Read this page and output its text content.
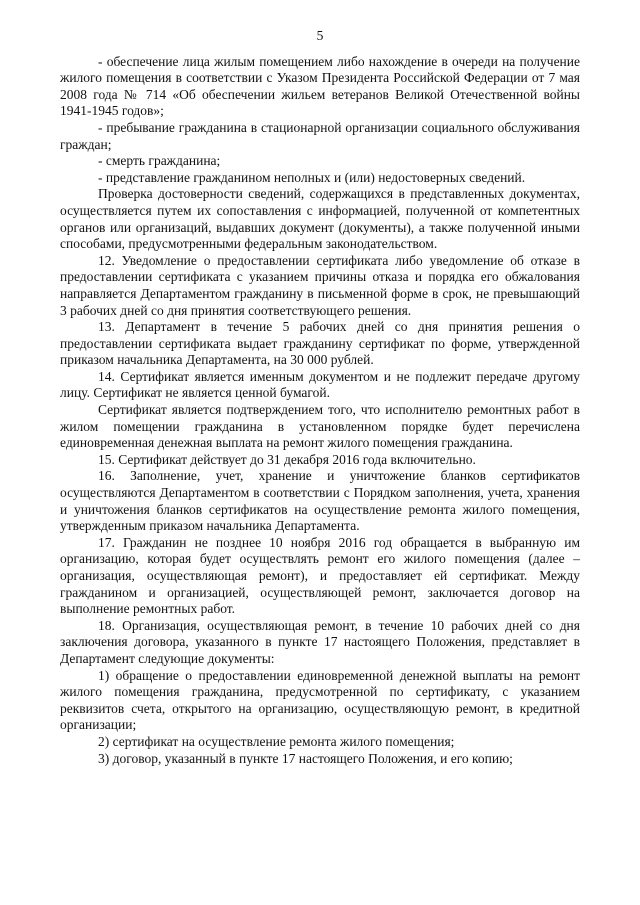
5

- обеспечение лица жилым помещением либо нахождение в очереди на получение жилого помещения в соответствии с Указом Президента Российской Федерации от 7 мая 2008 года № 714 «Об обеспечении жильем ветеранов Великой Отечественной войны 1941-1945 годов»;

- пребывание гражданина в стационарной организации социального обслуживания граждан;

- смерть гражданина;

- представление гражданином неполных и (или) недостоверных сведений.

Проверка достоверности сведений, содержащихся в представленных документах, осуществляется путем их сопоставления с информацией, полученной от компетентных органов или организаций, выдавших документ (документы), а также полученной иными способами, предусмотренными федеральным законодательством.

12. Уведомление о предоставлении сертификата либо уведомление об отказе в предоставлении сертификата с указанием причины отказа и порядка его обжалования направляется Департаментом гражданину в письменной форме в срок, не превышающий 3 рабочих дней со дня принятия соответствующего решения.

13. Департамент в течение 5 рабочих дней со дня принятия решения о предоставлении сертификата выдает гражданину сертификат по форме, утвержденной приказом начальника Департамента, на 30 000 рублей.

14. Сертификат является именным документом и не подлежит передаче другому лицу. Сертификат не является ценной бумагой.

Сертификат является подтверждением того, что исполнителю ремонтных работ в жилом помещении гражданина в установленном порядке будет перечислена единовременная денежная выплата на ремонт жилого помещения гражданина.

15. Сертификат действует до 31 декабря 2016 года включительно.

16. Заполнение, учет, хранение и уничтожение бланков сертификатов осуществляются Департаментом в соответствии с Порядком заполнения, учета, хранения и уничтожения бланков сертификатов на осуществление ремонта жилого помещения, утвержденным приказом начальника Департамента.

17. Гражданин не позднее 10 ноября 2016 год обращается в выбранную им организацию, которая будет осуществлять ремонт его жилого помещения (далее – организация, осуществляющая ремонт), и предоставляет ей сертификат. Между гражданином и организацией, осуществляющей ремонт, заключается договор на выполнение ремонтных работ.

18. Организация, осуществляющая ремонт, в течение 10 рабочих дней со дня заключения договора, указанного в пункте 17 настоящего Положения, представляет в Департамент следующие документы:

1) обращение о предоставлении единовременной денежной выплаты на ремонт жилого помещения гражданина, предусмотренной по сертификату, с указанием реквизитов счета, открытого на организацию, осуществляющую ремонт, в кредитной организации;

2) сертификат на осуществление ремонта жилого помещения;

3) договор, указанный в пункте 17 настоящего Положения, и его копию;
